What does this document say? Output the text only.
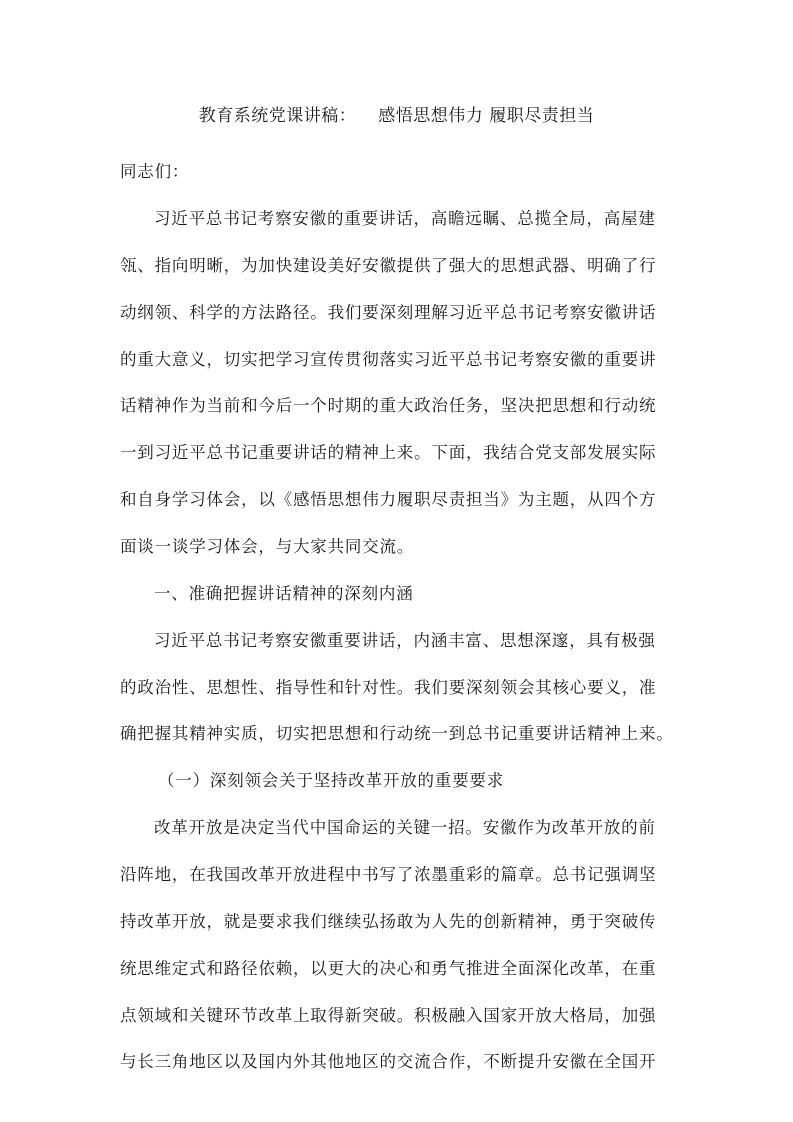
教育系统党课讲稿： 感悟思想伟力 履职尽责担当
同志们：
习近平总书记考察安徽的重要讲话，高瞻远瞩、总揽全局，高屋建
瓴、指向明晰，为加快建设美好安徽提供了强大的思想武器、明确了行
动纲领、科学的方法路径。我们要深刻理解习近平总书记考察安徽讲话
的重大意义，切实把学习宣传贯彻落实习近平总书记考察安徽的重要讲
话精神作为当前和今后一个时期的重大政治任务，坚决把思想和行动统
一到习近平总书记重要讲话的精神上来。下面，我结合党支部发展实际
和自身学习体会，以《感悟思想伟力履职尽责担当》为主题，从四个方
面谈一谈学习体会，与大家共同交流。
一、准确把握讲话精神的深刻内涵
习近平总书记考察安徽重要讲话，内涵丰富、思想深邃，具有极强
的政治性、思想性、指导性和针对性。我们要深刻领会其核心要义，准
确把握其精神实质，切实把思想和行动统一到总书记重要讲话精神上来。
（一）深刻领会关于坚持改革开放的重要要求
改革开放是决定当代中国命运的关键一招。安徽作为改革开放的前
沿阵地，在我国改革开放进程中书写了浓墨重彩的篇章。总书记强调坚
持改革开放，就是要求我们继续弘扬敢为人先的创新精神，勇于突破传
统思维定式和路径依赖，以更大的决心和勇气推进全面深化改革，在重
点领域和关键环节改革上取得新突破。积极融入国家开放大格局，加强
与长三角地区以及国内外其他地区的交流合作，不断提升安徽在全国开
